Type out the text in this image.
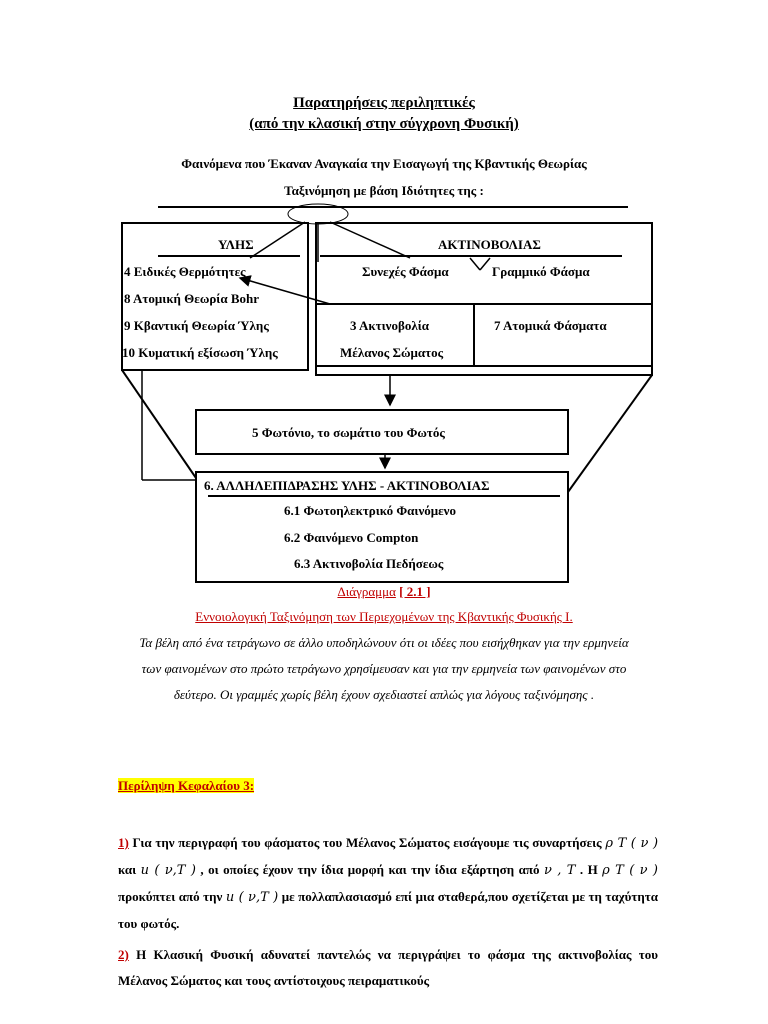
Παρατηρήσεις περιληπτικές
(από την κλασική στην σύγχρονη Φυσική)
Φαινόμενα που Έκαναν Αναγκαία την Εισαγωγή της Κβαντικής Θεωρίας
Ταξινόμηση με βάση Ιδιότητες της :
ΥΛΗΣ
4 Ειδικές Θερμότητες
8 Ατομική Θεωρία Bohr
9 Κβαντική Θεωρία Ύλης
10 Κυματική εξίσωση Ύλης
ΑΚΤΙΝΟΒΟΛΙΑΣ
Συνεχές Φάσμα	Γραμμικό Φάσμα
3 Ακτινοβολία
Μέλανος Σώματος
7 Ατομικά Φάσματα
5 Φωτόνιο, το σωμάτιο του Φωτός
6. ΑΛΛΗΛΕΠΙΔΡΑΣΗΣ ΥΛΗΣ - ΑΚΤΙΝΟΒΟΛΙΑΣ
6.1 Φωτοηλεκτρικό Φαινόμενο
6.2 Φαινόμενο Compton
6.3 Ακτινοβολία Πεδήσεως
Διάγραμμα [ 2.1 ]
Εννοιολογική Ταξινόμηση των Περιεχομένων της Κβαντικής Φυσικής Ι.
Τα βέλη από ένα τετράγωνο σε άλλο υποδηλώνουν ότι οι ιδέες που εισήχθηκαν για την ερμηνεία
των φαινομένων στο πρώτο τετράγωνο χρησίμευσαν και για την ερμηνεία των φαινομένων στο
δεύτερο. Οι γραμμές χωρίς βέλη έχουν σχεδιαστεί απλώς για λόγους ταξινόμησης .
Περίληψη Κεφαλαίου 3:
1) Για την περιγραφή του φάσματος του Μέλανος Σώματος εισάγουμε τις συναρτήσεις ρ T ( ν ) και u ( ν,T ) , οι οποίες έχουν την ίδια μορφή και την ίδια εξάρτηση από ν , T . Η ρ T ( ν ) προκύπτει από την u ( ν,T ) με πολλαπλασιασμό επί μια σταθερά,που σχετίζεται με τη ταχύτητα του φωτός.
2) Η Κλασική Φυσική αδυνατεί παντελώς να περιγράψει το φάσμα της ακτινοβολίας του Μέλανος Σώματος και τους αντίστοιχους πειραματικούς
